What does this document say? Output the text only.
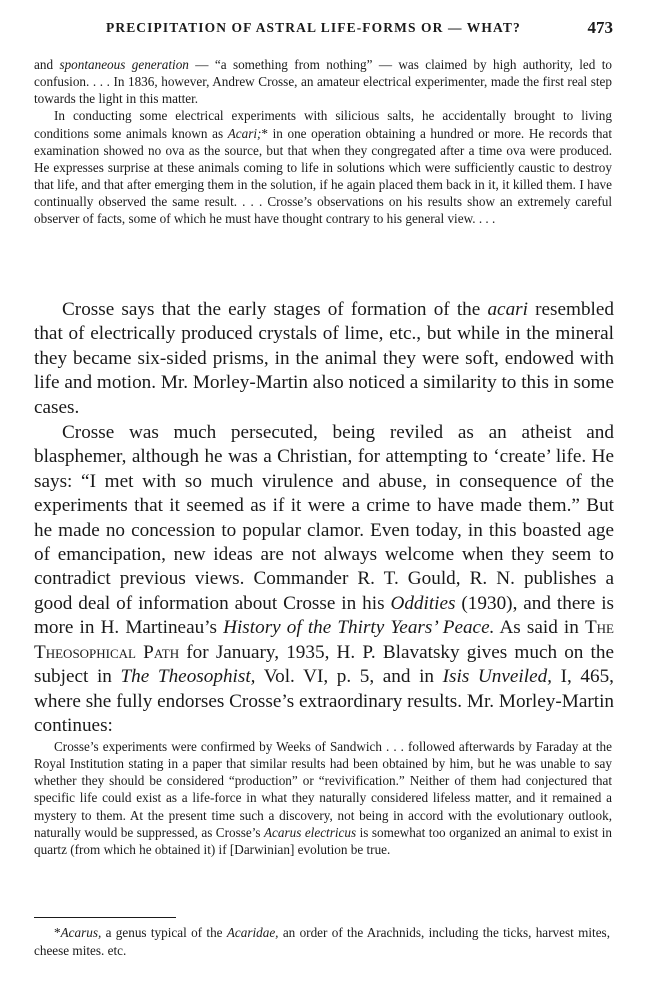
PRECIPITATION OF ASTRAL LIFE-FORMS OR — WHAT?	473

and spontaneous generation — “a something from nothing” — was claimed by high authority, led to confusion. . . . In 1836, however, Andrew Crosse, an amateur electrical experimenter, made the first real step towards the light in this matter.

In conducting some electrical experiments with silicious salts, he accidentally brought to living conditions some animals known as Acari;* in one operation obtaining a hundred or more. He records that examination showed no ova as the source, but that when they congregated after a time ova were produced. He expresses surprise at these animals coming to life in solutions which were sufficiently caustic to destroy that life, and that after emerging them in the solution, if he again placed them back in it, it killed them. I have continually observed the same result. . . . Crosse’s observations on his results show an extremely careful observer of facts, some of which he must have thought contrary to his general view. . . .

Crosse says that the early stages of formation of the acari resembled that of electrically produced crystals of lime, etc., but while in the mineral they became six-sided prisms, in the animal they were soft, endowed with life and motion. Mr. Morley-Martin also noticed a similarity to this in some cases.

Crosse was much persecuted, being reviled as an atheist and blasphemer, although he was a Christian, for attempting to ‘create’ life. He says: “I met with so much virulence and abuse, in consequence of the experiments that it seemed as if it were a crime to have made them.” But he made no concession to popular clamor. Even today, in this boasted age of emancipation, new ideas are not always welcome when they seem to contradict previous views. Commander R. T. Gould, R. N. publishes a good deal of information about Crosse in his Oddities (1930), and there is more in H. Martineau’s History of the Thirty Years’ Peace. As said in The Theosophical Path for January, 1935, H. P. Blavatsky gives much on the subject in The Theosophist, Vol. VI, p. 5, and in Isis Unveiled, I, 465, where she fully endorses Crosse’s extraordinary results. Mr. Morley-Martin continues:

Crosse’s experiments were confirmed by Weeks of Sandwich . . . followed afterwards by Faraday at the Royal Institution stating in a paper that similar results had been obtained by him, but he was unable to say whether they should be considered “production” or “revivification.” Neither of them had conjectured that specific life could exist as a life-force in what they naturally considered lifeless matter, and it remained a mystery to them. At the present time such a discovery, not being in accord with the evolutionary outlook, naturally would be suppressed, as Crosse’s Acarus electricus is somewhat too organized an animal to exist in quartz (from which he obtained it) if [Darwinian] evolution be true.

*Acarus, a genus typical of the Acaridae, an order of the Arachnids, including the ticks, harvest mites, cheese mites. etc.
